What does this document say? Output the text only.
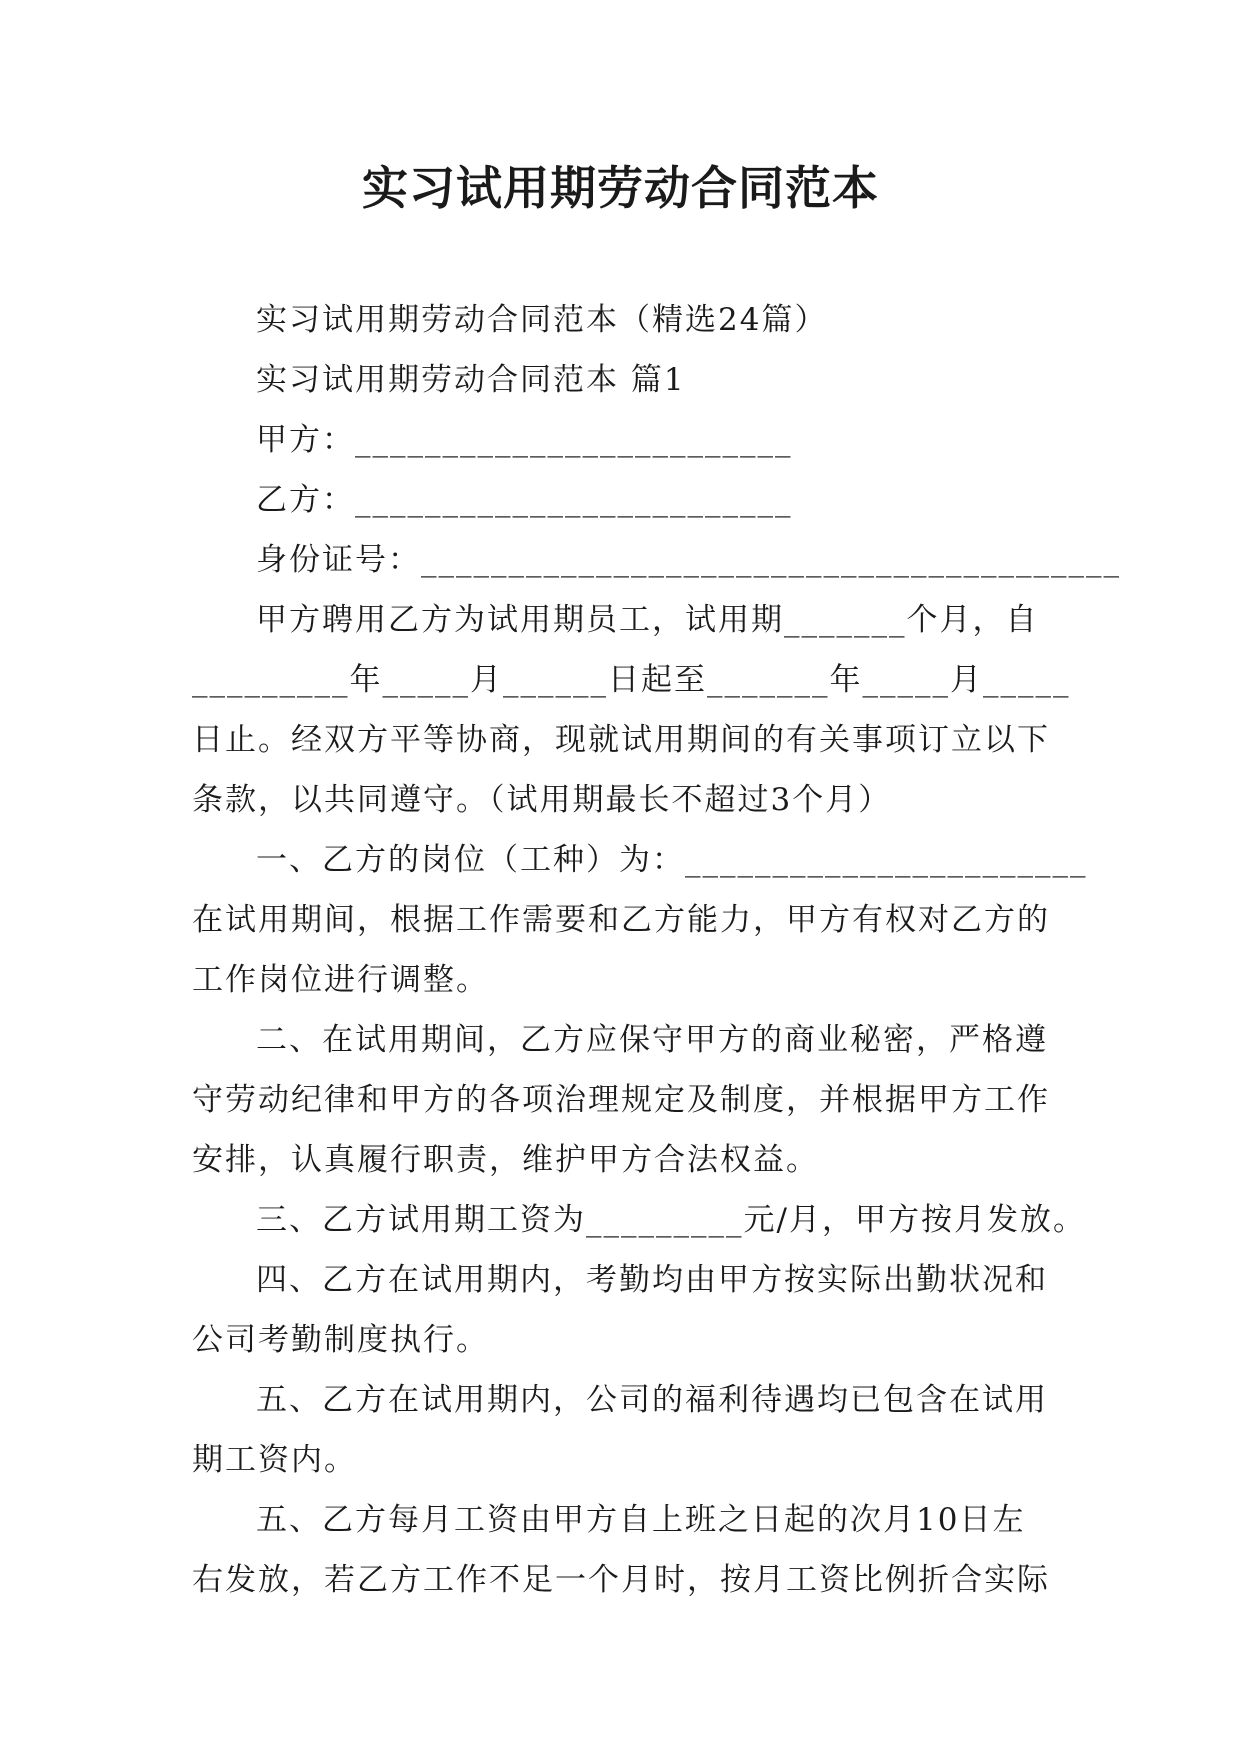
实习试用期劳动合同范本

实习试用期劳动合同范本（精选24篇）

实习试用期劳动合同范本 篇1

甲方：_________________________

乙方：_________________________

身份证号：________________________________________

甲方聘用乙方为试用期员工，试用期_______个月，自

_________年_____月______日起至_______年_____月_____

日止。经双方平等协商，现就试用期间的有关事项订立以下

条款，以共同遵守。（试用期最长不超过3个月）

一、乙方的岗位（工种）为：_______________________

在试用期间，根据工作需要和乙方能力，甲方有权对乙方的

工作岗位进行调整。

二、在试用期间，乙方应保守甲方的商业秘密，严格遵

守劳动纪律和甲方的各项治理规定及制度，并根据甲方工作

安排，认真履行职责，维护甲方合法权益。

三、乙方试用期工资为_________元/月，甲方按月发放。

四、乙方在试用期内，考勤均由甲方按实际出勤状况和

公司考勤制度执行。

五、乙方在试用期内，公司的福利待遇均已包含在试用

期工资内。

五、乙方每月工资由甲方自上班之日起的次月10日左

右发放，若乙方工作不足一个月时，按月工资比例折合实际
